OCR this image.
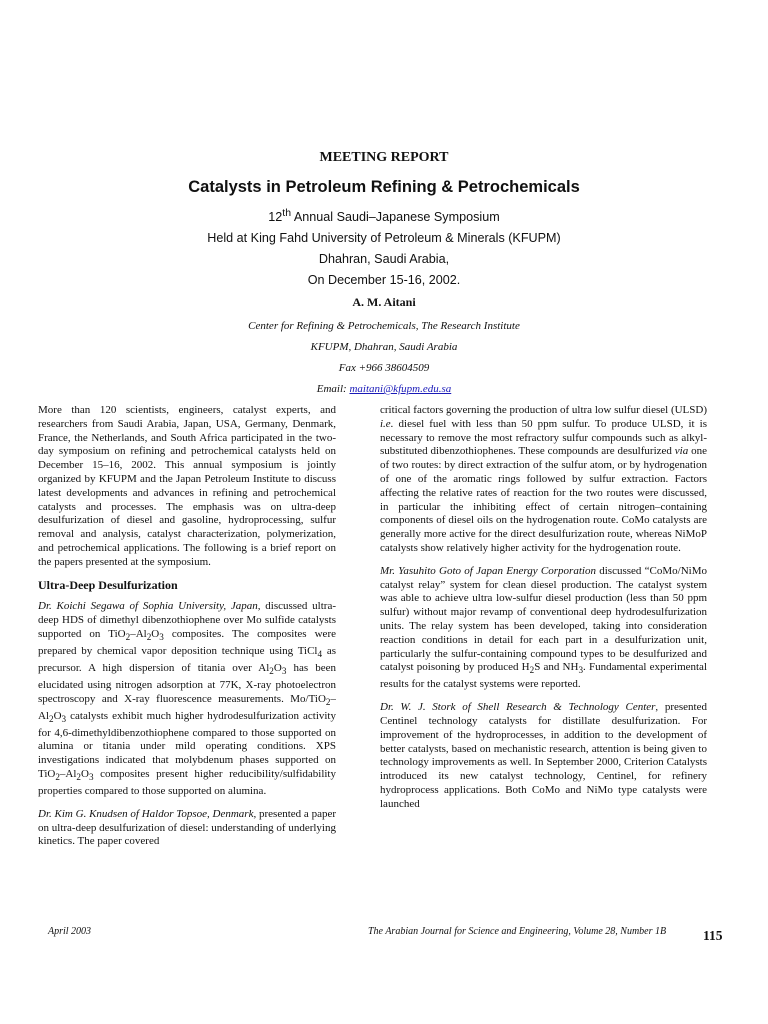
MEETING REPORT

Catalysts in Petroleum Refining & Petrochemicals

12th Annual Saudi–Japanese Symposium

Held at King Fahd University of Petroleum & Minerals (KFUPM)

Dhahran, Saudi Arabia,

On December 15-16, 2002.

A. M. Aitani

Center for Refining & Petrochemicals, The Research Institute

KFUPM, Dhahran, Saudi Arabia

Fax +966 38604509

Email: maitani@kfupm.edu.sa

More than 120 scientists, engineers, catalyst experts, and researchers from Saudi Arabia, Japan, USA, Germany, Denmark, France, the Netherlands, and South Africa participated in the two-day symposium on refining and petrochemical catalysts held on December 15–16, 2002. This annual symposium is jointly organized by KFUPM and the Japan Petroleum Institute to discuss latest developments and advances in refining and petrochemical catalysts and processes. The emphasis was on ultra-deep desulfurization of diesel and gasoline, hydroprocessing, sulfur removal and analysis, catalyst characterization, polymerization, and petrochemical applications. The following is a brief report on the papers presented at the symposium.

Ultra-Deep Desulfurization

Dr. Koichi Segawa of Sophia University, Japan, discussed ultra-deep HDS of dimethyl dibenzothiophene over Mo sulfide catalysts supported on $TiO_2-Al_2O_3$ composites. The composites were prepared by chemical vapor deposition technique using TiCl$_4$ as precursor. A high dispersion of titania over $Al_2O_3$ has been elucidated using nitrogen adsorption at 77K, X-ray photoelectron spectroscopy and X-ray fluorescence measurements. $Mo/TiO_2-Al_2O_3$ catalysts exhibit much higher hydrodesulfurization activity for 4,6-dimethyldibenzothiophene compared to those supported on alumina or titania under mild operating conditions. XPS investigations indicated that molybdenum phases supported on $TiO_2-Al_2O_3$ composites present higher reducibility/sulfidability properties compared to those supported on alumina.

Dr. Kim G. Knudsen of Haldor Topsoe, Denmark, presented a paper on ultra-deep desulfurization of diesel: understanding of underlying kinetics. The paper covered

critical factors governing the production of ultra low sulfur diesel (ULSD) i.e. diesel fuel with less than 50 ppm sulfur. To produce ULSD, it is necessary to remove the most refractory sulfur compounds such as alkyl-substituted dibenzothiophenes. These compounds are desulfurized via one of two routes: by direct extraction of the sulfur atom, or by hydrogenation of one of the aromatic rings followed by sulfur extraction. Factors affecting the relative rates of reaction for the two routes were discussed, in particular the inhibiting effect of certain nitrogen–containing components of diesel oils on the hydrogenation route. CoMo catalysts are generally more active for the direct desulfurization route, whereas NiMoP catalysts show relatively higher activity for the hydrogenation route.

Mr. Yasuhito Goto of Japan Energy Corporation discussed “CoMo/NiMo catalyst relay” system for clean diesel production. The catalyst system was able to achieve ultra low-sulfur diesel production (less than 50 ppm sulfur) without major revamp of conventional deep hydrodesulfurization units. The relay system has been developed, taking into consideration reaction conditions in detail for each part in a desulfurization unit, particularly the sulfur-containing compound types to be desulfurized and catalyst poisoning by produced $H_2S$ and $NH_3$. Fundamental experimental results for the catalyst systems were reported.

Dr. W. J. Stork of Shell Research & Technology Center, presented Centinel technology catalysts for distillate desulfurization. For improvement of the hydroprocesses, in addition to the development of better catalysts, based on mechanistic research, attention is being given to technology improvements as well. In September 2000, Criterion Catalysts introduced its new catalyst technology, Centinel, for refinery hydroprocess applications. Both CoMo and NiMo type catalysts were launched

April 2003	The Arabian Journal for Science and Engineering, Volume 28, Number 1B	115
